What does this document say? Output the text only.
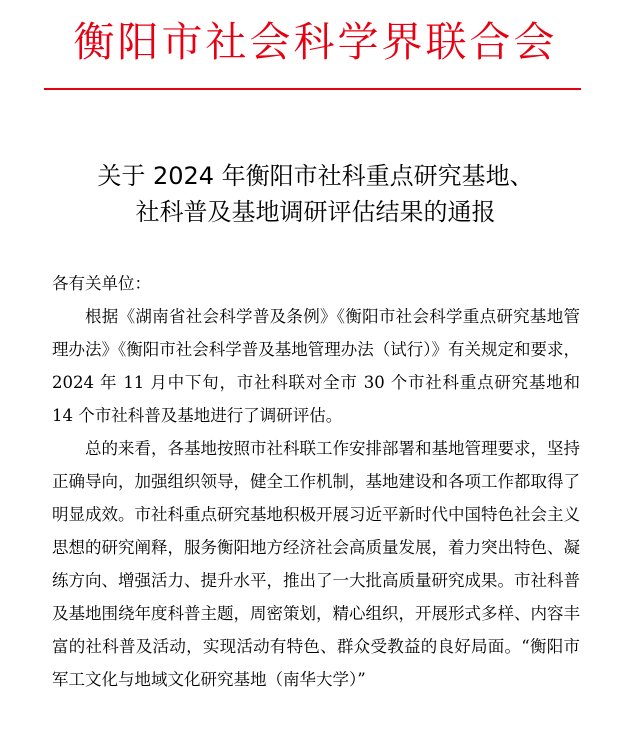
衡阳市社会科学界联合会
关于 2024 年衡阳市社科重点研究基地、
社科普及基地调研评估结果的通报

各有关单位：

根据《湖南省社会科学普及条例》《衡阳市社会科学重点研究基地管理办法》《衡阳市社会科学普及基地管理办法（试行）》有关规定和要求，2024 年 11 月中下旬，市社科联对全市 30 个市社科重点研究基地和 14 个市社科普及基地进行了调研评估。

总的来看，各基地按照市社科联工作安排部署和基地管理要求，坚持正确导向，加强组织领导，健全工作机制，基地建设和各项工作都取得了明显成效。市社科重点研究基地积极开展习近平新时代中国特色社会主义思想的研究阐释，服务衡阳地方经济社会高质量发展，着力突出特色、凝练方向、增强活力、提升水平，推出了一大批高质量研究成果。市社科普及基地围绕年度科普主题，周密策划，精心组织，开展形式多样、内容丰富的社科普及活动，实现活动有特色、群众受教益的良好局面。“衡阳市军工文化与地域文化研究基地（南华大学）”
